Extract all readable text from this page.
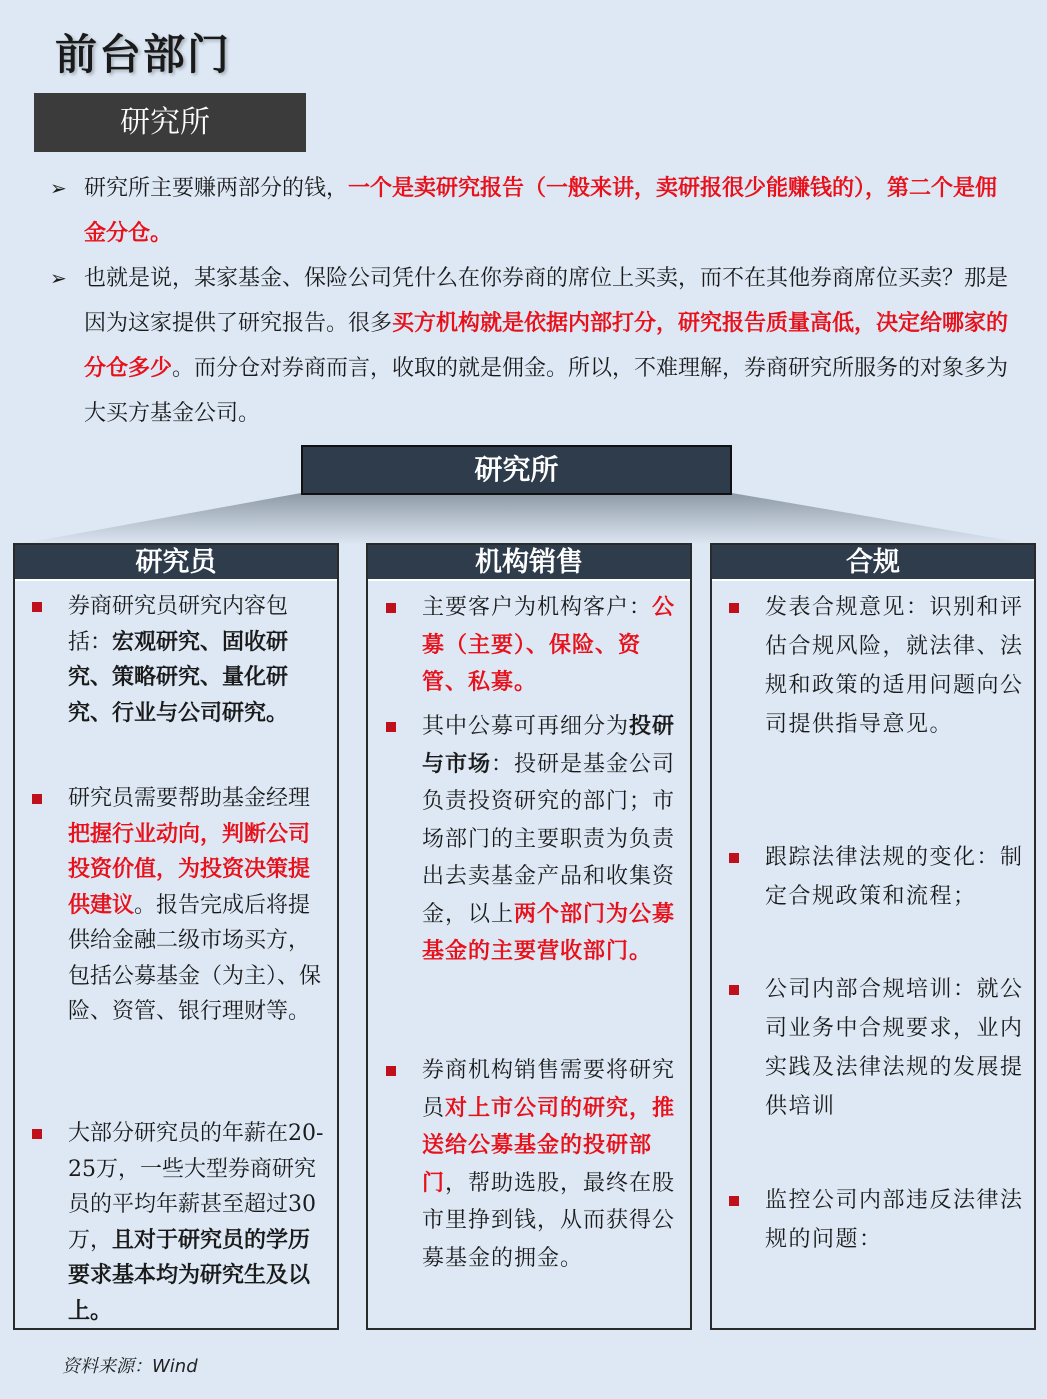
前台部门
研究所
➢ 研究所主要赚两部分的钱，一个是卖研究报告（一般来讲，卖研报很少能赚钱的），第二个是佣金分仓。
➢ 也就是说，某家基金、保险公司凭什么在你券商的席位上买卖，而不在其他券商席位买卖？那是因为这家提供了研究报告。很多买方机构就是依据内部打分，研究报告质量高低，决定给哪家的分仓多少。而分仓对券商而言，收取的就是佣金。所以，不难理解，券商研究所服务的对象多为大买方基金公司。
研究所
研究员
券商研究员研究内容包括：宏观研究、固收研究、策略研究、量化研究、行业与公司研究。
研究员需要帮助基金经理把握行业动向，判断公司投资价值，为投资决策提供建议。报告完成后将提供给金融二级市场买方，包括公募基金（为主）、保险、资管、银行理财等。
大部分研究员的年薪在20-25万，一些大型券商研究员的平均年薪甚至超过30万，且对于研究员的学历要求基本均为研究生及以上。
机构销售
主要客户为机构客户：公募（主要）、保险、资管、私募。
其中公募可再细分为投研与市场：投研是基金公司负责投资研究的部门；市场部门的主要职责为负责出去卖基金产品和收集资金，以上两个部门为公募基金的主要营收部门。
券商机构销售需要将研究员对上市公司的研究，推送给公募基金的投研部门，帮助选股，最终在股市里挣到钱，从而获得公募基金的拥金。
合规
发表合规意见：识别和评估合规风险，就法律、法规和政策的适用问题向公司提供指导意见。
跟踪法律法规的变化：制定合规政策和流程；
公司内部合规培训：就公司业务中合规要求，业内实践及法律法规的发展提供培训
监控公司内部违反法律法规的问题：
资料来源：Wind
